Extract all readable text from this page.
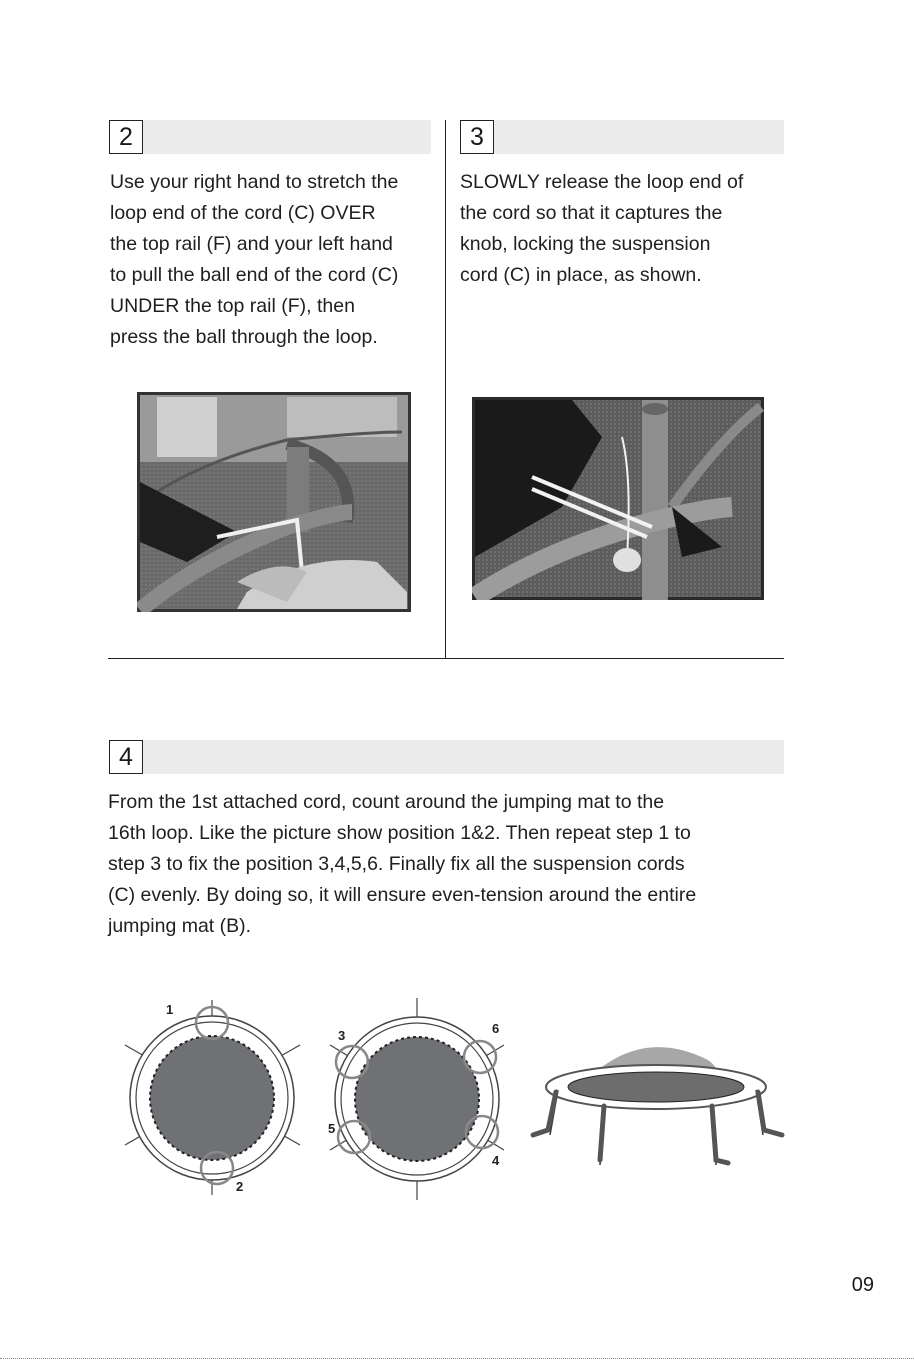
2
Use your right hand to stretch the
loop end of the cord (C) OVER
the top rail (F) and your left hand
to pull the ball end of the cord (C)
UNDER the top rail (F), then
press the ball through the loop.
3
SLOWLY release the loop end of
the cord so that it captures the
knob, locking the suspension
cord (C) in place, as shown.
4
From the 1st attached cord, count around the jumping mat to the
16th loop. Like the picture show position 1&2. Then repeat step 1 to
step 3 to fix the position 3,4,5,6. Finally fix all the suspension cords
(C) evenly. By doing so, it will ensure even-tension around the entire
jumping mat (B).
1
2
3	6
5
4
09
